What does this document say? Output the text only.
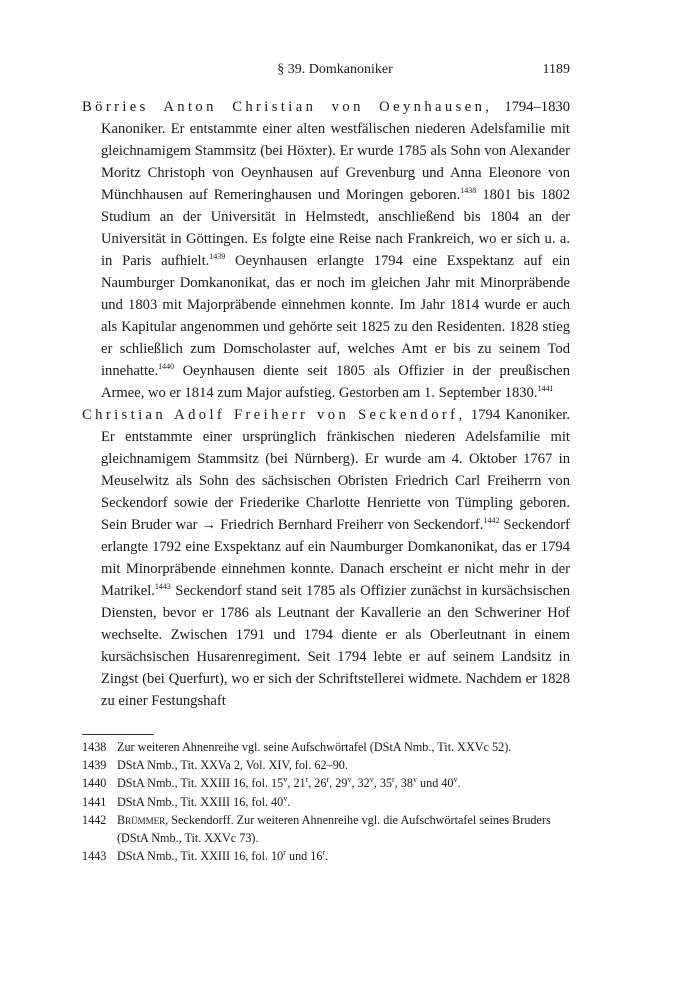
§ 39. Domkanoniker	1189

Börries Anton Christian von Oeynhausen, 1794–1830 Kanoniker. Er entstammte einer alten westfälischen niederen Adelsfamilie mit gleichnamigem Stammsitz (bei Höxter). Er wurde 1785 als Sohn von Alexander Moritz Christoph von Oeynhausen auf Grevenburg und Anna Eleonore von Münchhausen auf Remeringhausen und Moringen geboren.$^{1438}$ 1801 bis 1802 Studium an der Universität in Helmstedt, anschließend bis 1804 an der Universität in Göttingen. Es folgte eine Reise nach Frankreich, wo er sich u. a. in Paris aufhielt.$^{1439}$ Oeynhausen erlangte 1794 eine Exspektanz auf ein Naumburger Domkanonikat, das er noch im gleichen Jahr mit Minorpräbende und 1803 mit Majorpräbende einnehmen konnte. Im Jahr 1814 wurde er auch als Kapitular angenommen und gehörte seit 1825 zu den Residenten. 1828 stieg er schließlich zum Domscholaster auf, welches Amt er bis zu seinem Tod innehatte.$^{1440}$ Oeynhausen diente seit 1805 als Offizier in der preußischen Armee, wo er 1814 zum Major aufstieg. Gestorben am 1. September 1830.$^{1441}$

Christian Adolf Freiherr von Seckendorf, 1794 Kanoniker. Er entstammte einer ursprünglich fränkischen niederen Adelsfamilie mit gleichnamigem Stammsitz (bei Nürnberg). Er wurde am 4. Oktober 1767 in Meuselwitz als Sohn des sächsischen Obristen Friedrich Carl Freiherrn von Seckendorf sowie der Friederike Charlotte Henriette von Tümpling geboren. Sein Bruder war → Friedrich Bernhard Freiherr von Seckendorf.$^{1442}$ Seckendorf erlangte 1792 eine Exspektanz auf ein Naumburger Domkanonikat, das er 1794 mit Minorpräbende einnehmen konnte. Danach erscheint er nicht mehr in der Matrikel.$^{1443}$ Seckendorf stand seit 1785 als Offizier zunächst in kursächsischen Diensten, bevor er 1786 als Leutnant der Kavallerie an den Schweriner Hof wechselte. Zwischen 1791 und 1794 diente er als Oberleutnant in einem kursächsischen Husarenregiment. Seit 1794 lebte er auf seinem Landsitz in Zingst (bei Querfurt), wo er sich der Schriftstellerei widmete. Nachdem er 1828 zu einer Festungshaft

1438 Zur weiteren Ahnenreihe vgl. seine Aufschwörtafel (DStA Nmb., Tit. XXVc 52).
1439 DStA Nmb., Tit. XXVa 2, Vol. XIV, fol. 62–90.
1440 DStA Nmb., Tit. XXIII 16, fol. 15$^v$, 21$^r$, 26$^r$, 29$^v$, 32$^v$, 35$^r$, 38$^v$ und 40$^v$.
1441 DStA Nmb., Tit. XXIII 16, fol. 40$^v$.
1442 Brümmer, Seckendorff. Zur weiteren Ahnenreihe vgl. die Aufschwörtafel seines Bruders (DStA Nmb., Tit. XXVc 73).
1443 DStA Nmb., Tit. XXIII 16, fol. 10$^r$ und 16$^r$.
